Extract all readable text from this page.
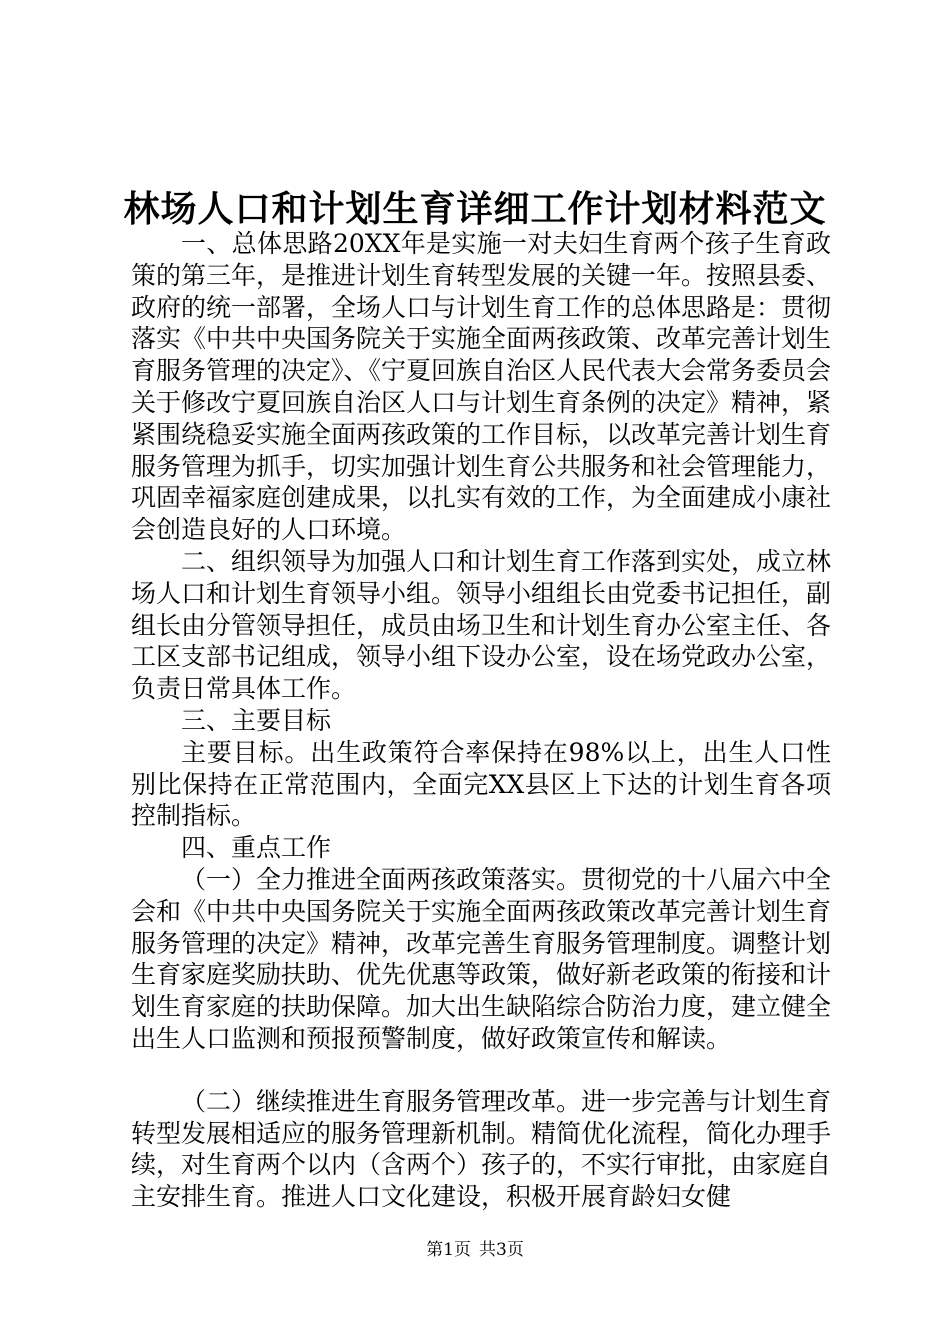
林场人口和计划生育详细工作计划材料范文

一、总体思路20XX年是实施一对夫妇生育两个孩子生育政策的第三年，是推进计划生育转型发展的关键一年。按照县委、政府的统一部署，全场人口与计划生育工作的总体思路是：贯彻落实《中共中央国务院关于实施全面两孩政策、改革完善计划生育服务管理的决定》、《宁夏回族自治区人民代表大会常务委员会关于修改宁夏回族自治区人口与计划生育条例的决定》精神，紧紧围绕稳妥实施全面两孩政策的工作目标，以改革完善计划生育服务管理为抓手，切实加强计划生育公共服务和社会管理能力，巩固幸福家庭创建成果，以扎实有效的工作，为全面建成小康社会创造良好的人口环境。

二、组织领导为加强人口和计划生育工作落到实处，成立林场人口和计划生育领导小组。领导小组组长由党委书记担任，副组长由分管领导担任，成员由场卫生和计划生育办公室主任、各工区支部书记组成，领导小组下设办公室，设在场党政办公室，负责日常具体工作。

三、主要目标

主要目标。出生政策符合率保持在98%以上，出生人口性别比保持在正常范围内，全面完XX县区上下达的计划生育各项控制指标。

四、重点工作

（一）全力推进全面两孩政策落实。贯彻党的十八届六中全会和《中共中央国务院关于实施全面两孩政策改革完善计划生育服务管理的决定》精神，改革完善生育服务管理制度。调整计划生育家庭奖励扶助、优先优惠等政策，做好新老政策的衔接和计划生育家庭的扶助保障。加大出生缺陷综合防治力度，建立健全出生人口监测和预报预警制度，做好政策宣传和解读。

（二）继续推进生育服务管理改革。进一步完善与计划生育转型发展相适应的服务管理新机制。精简优化流程，简化办理手续，对生育两个以内（含两个）孩子的，不实行审批，由家庭自主安排生育。推进人口文化建设，积极开展育龄妇女健

第1页 共3页
